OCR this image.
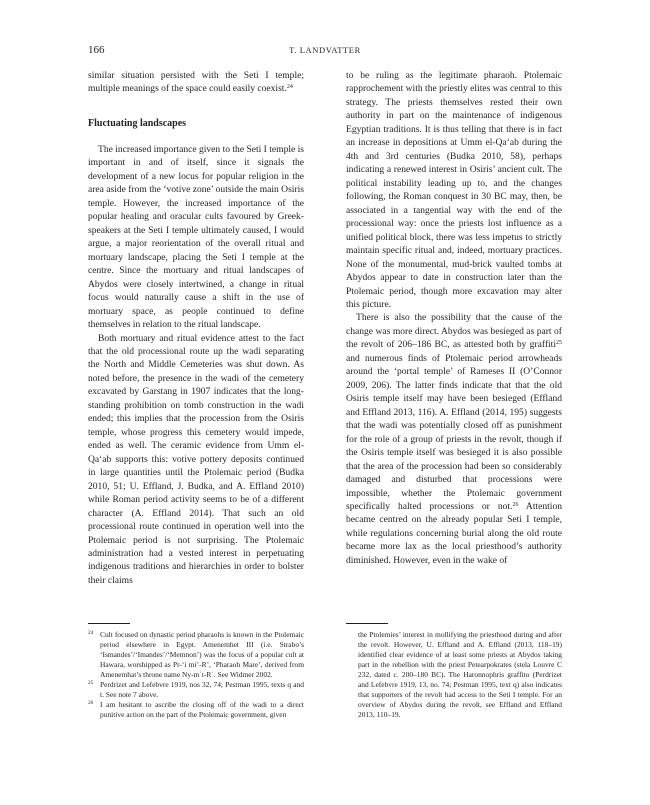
166	T. LANDVATTER

similar situation persisted with the Seti I temple; multiple meanings of the space could easily coexist.$^{24}$

Fluctuating landscapes

The increased importance given to the Seti I temple is important in and of itself, since it signals the development of a new locus for popular religion in the area aside from the ‘votive zone’ outside the main Osiris temple. However, the increased importance of the popular healing and oracular cults favoured by Greek-speakers at the Seti I temple ultimately caused, I would argue, a major reorientation of the overall ritual and mortuary landscape, placing the Seti I temple at the centre. Since the mortuary and ritual landscapes of Abydos were closely intertwined, a change in ritual focus would naturally cause a shift in the use of mortuary space, as people continued to define themselves in relation to the ritual landscape.

Both mortuary and ritual evidence attest to the fact that the old processional route up the wadi separating the North and Middle Cemeteries was shut down. As noted before, the presence in the wadi of the cemetery excavated by Garstang in 1907 indicates that the long-standing prohibition on tomb construction in the wadi ended; this implies that the procession from the Osiris temple, whose progress this cemetery would impede, ended as well. The ceramic evidence from Umm el-Qa‘ab supports this: votive pottery deposits continued in large quantities until the Ptolemaic period (Budka 2010, 51; U. Effland, J. Budka, and A. Effland 2010) while Roman period activity seems to be of a different character (A. Effland 2014). That such an old processional route continued in operation well into the Ptolemaic period is not surprising. The Ptolemaic administration had a vested interest in perpetuating indigenous traditions and hierarchies in order to bolster their claims

to be ruling as the legitimate pharaoh. Ptolemaic rapprochement with the priestly elites was central to this strategy. The priests themselves rested their own authority in part on the maintenance of indigenous Egyptian traditions. It is thus telling that there is in fact an increase in depositions at Umm el-Qa‘ab during the 4th and 3rd centuries (Budka 2010, 58), perhaps indicating a renewed interest in Osiris’ ancient cult. The political instability leading up to, and the changes following, the Roman conquest in 30 BC may, then, be associated in a tangential way with the end of the processional way: once the priests lost influence as a unified political block, there was less impetus to strictly maintain specific ritual and, indeed, mortuary practices. None of the monumental, mud-brick vaulted tombs at Abydos appear to date in construction later than the Ptolemaic period, though more excavation may alter this picture.

There is also the possibility that the cause of the change was more direct. Abydos was besieged as part of the revolt of 206–186 BC, as attested both by graffiti$^{25}$ and numerous finds of Ptolemaic period arrowheads around the ‘portal temple’ of Rameses II (O’Connor 2009, 206). The latter finds indicate that that the old Osiris temple itself may have been besieged (Effland and Effland 2013, 116). A. Effland (2014, 195) suggests that the wadi was potentially closed off as punishment for the role of a group of priests in the revolt, though if the Osiris temple itself was besieged it is also possible that the area of the procession had been so considerably damaged and disturbed that processions were impossible, whether the Ptolemaic government specifically halted processions or not.$^{26}$ Attention became centred on the already popular Seti I temple, while regulations concerning burial along the old route became more lax as the local priesthood’s authority diminished. However, even in the wake of

24 Cult focused on dynastic period pharaohs is known in the Ptolemaic period elsewhere in Egypt. Amenemhet III (i.e. Strabo’s ‘Ismandes’/‘Imandes’/‘Memnon’) was the focus of a popular cult at Hawara, worshipped as Pr-‘i mi’-R’, ‘Pharaoh Mare’, derived from Amenemhat’s throne name Ny-mʾt-Rʿ. See Widmer 2002.
25 Perdrizet and Lefebvre 1919, nos 32, 74; Pestman 1995, texts q and t. See note 7 above.
26 I am hesitant to ascribe the closing off of the wadi to a direct punitive action on the part of the Ptolemaic government, given
the Ptolemies’ interest in mollifying the priesthood during and after the revolt. However, U. Effland and A. Effland (2013, 118–19) identified clear evidence of at least some priests at Abydos taking part in the rebellion with the priest Petearpokrates (stela Louvre C 232, dated c. 200–180 BC). The Haronnophris graffito (Perdrizet and Lefebvre 1919, 13, no. 74; Pestman 1995, text q) also indicates that supporters of the revolt had access to the Seti I temple. For an overview of Abydos during the revolt, see Effland and Effland 2013, 110–19.
